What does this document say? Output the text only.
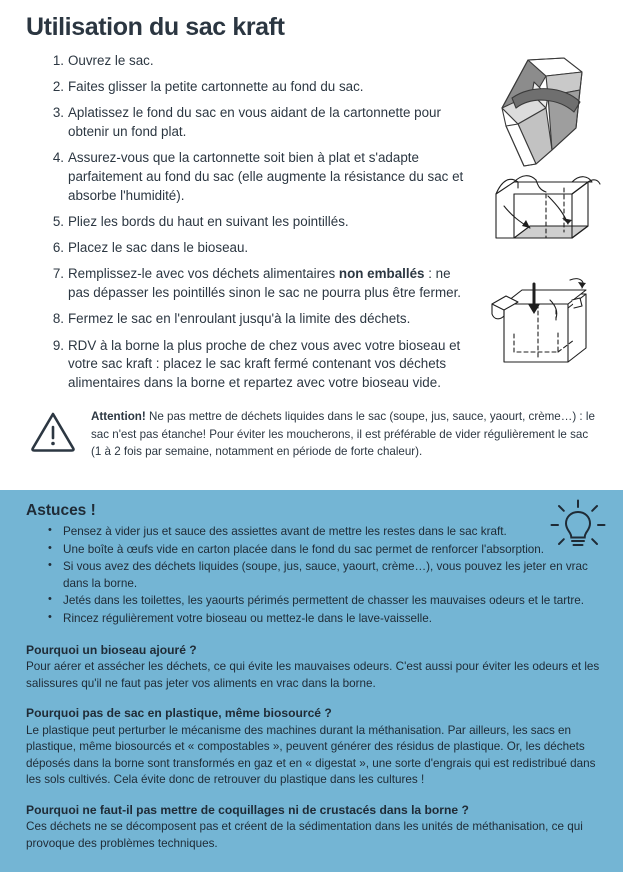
Utilisation du sac kraft
Ouvrez le sac.
Faites glisser la petite cartonnette au fond du sac.
Aplatissez le fond du sac en vous aidant de la cartonnette pour obtenir un fond plat.
Assurez-vous que la cartonnette soit bien à plat et s'adapte parfaitement au fond du sac (elle augmente la résistance du sac et absorbe l'humidité).
Pliez les bords du haut en suivant les pointillés.
Placez le sac dans le bioseau.
Remplissez-le avec vos déchets alimentaires non emballés : ne pas dépasser les pointillés sinon le sac ne pourra plus être fermer.
Fermez le sac en l'enroulant jusqu'à la limite des déchets.
RDV à la borne la plus proche de chez vous avec votre bioseau et votre sac kraft : placez le sac kraft fermé contenant vos déchets alimentaires dans la borne et repartez avec votre bioseau vide.
Attention! Ne pas mettre de déchets liquides dans le sac (soupe, jus, sauce, yaourt, crème…) : le sac n'est pas étanche! Pour éviter les moucherons, il est préférable de vider régulièrement le sac (1 à 2 fois par semaine, notamment en période de forte chaleur).
Astuces !
• Pensez à vider jus et sauce des assiettes avant de mettre les restes dans le sac kraft.
• Une boîte à œufs vide en carton placée dans le fond du sac permet de renforcer l'absorption.
• Si vous avez des déchets liquides (soupe, jus, sauce, yaourt, crème…), vous pouvez les jeter en vrac dans la borne.
• Jetés dans les toilettes, les yaourts périmés permettent de chasser les mauvaises odeurs et le tartre.
• Rincez régulièrement votre bioseau ou mettez-le dans le lave-vaisselle.

Pourquoi un bioseau ajouré ?

Pour aérer et assécher les déchets, ce qui évite les mauvaises odeurs. C'est aussi pour éviter les odeurs et les salissures qu'il ne faut pas jeter vos aliments en vrac dans la borne.

Pourquoi pas de sac en plastique, même biosourcé ?

Le plastique peut perturber le mécanisme des machines durant la méthanisation. Par ailleurs, les sacs en plastique, même biosourcés et « compostables », peuvent générer des résidus de plastique. Or, les déchets déposés dans la borne sont transformés en gaz et en « digestat », une sorte d'engrais qui est redistribué dans les sols cultivés. Cela évite donc de retrouver du plastique dans les cultures !

Pourquoi ne faut-il pas mettre de coquillages ni de crustacés dans la borne ?

Ces déchets ne se décomposent pas et créent de la sédimentation dans les unités de méthanisation, ce qui provoque des problèmes techniques.
